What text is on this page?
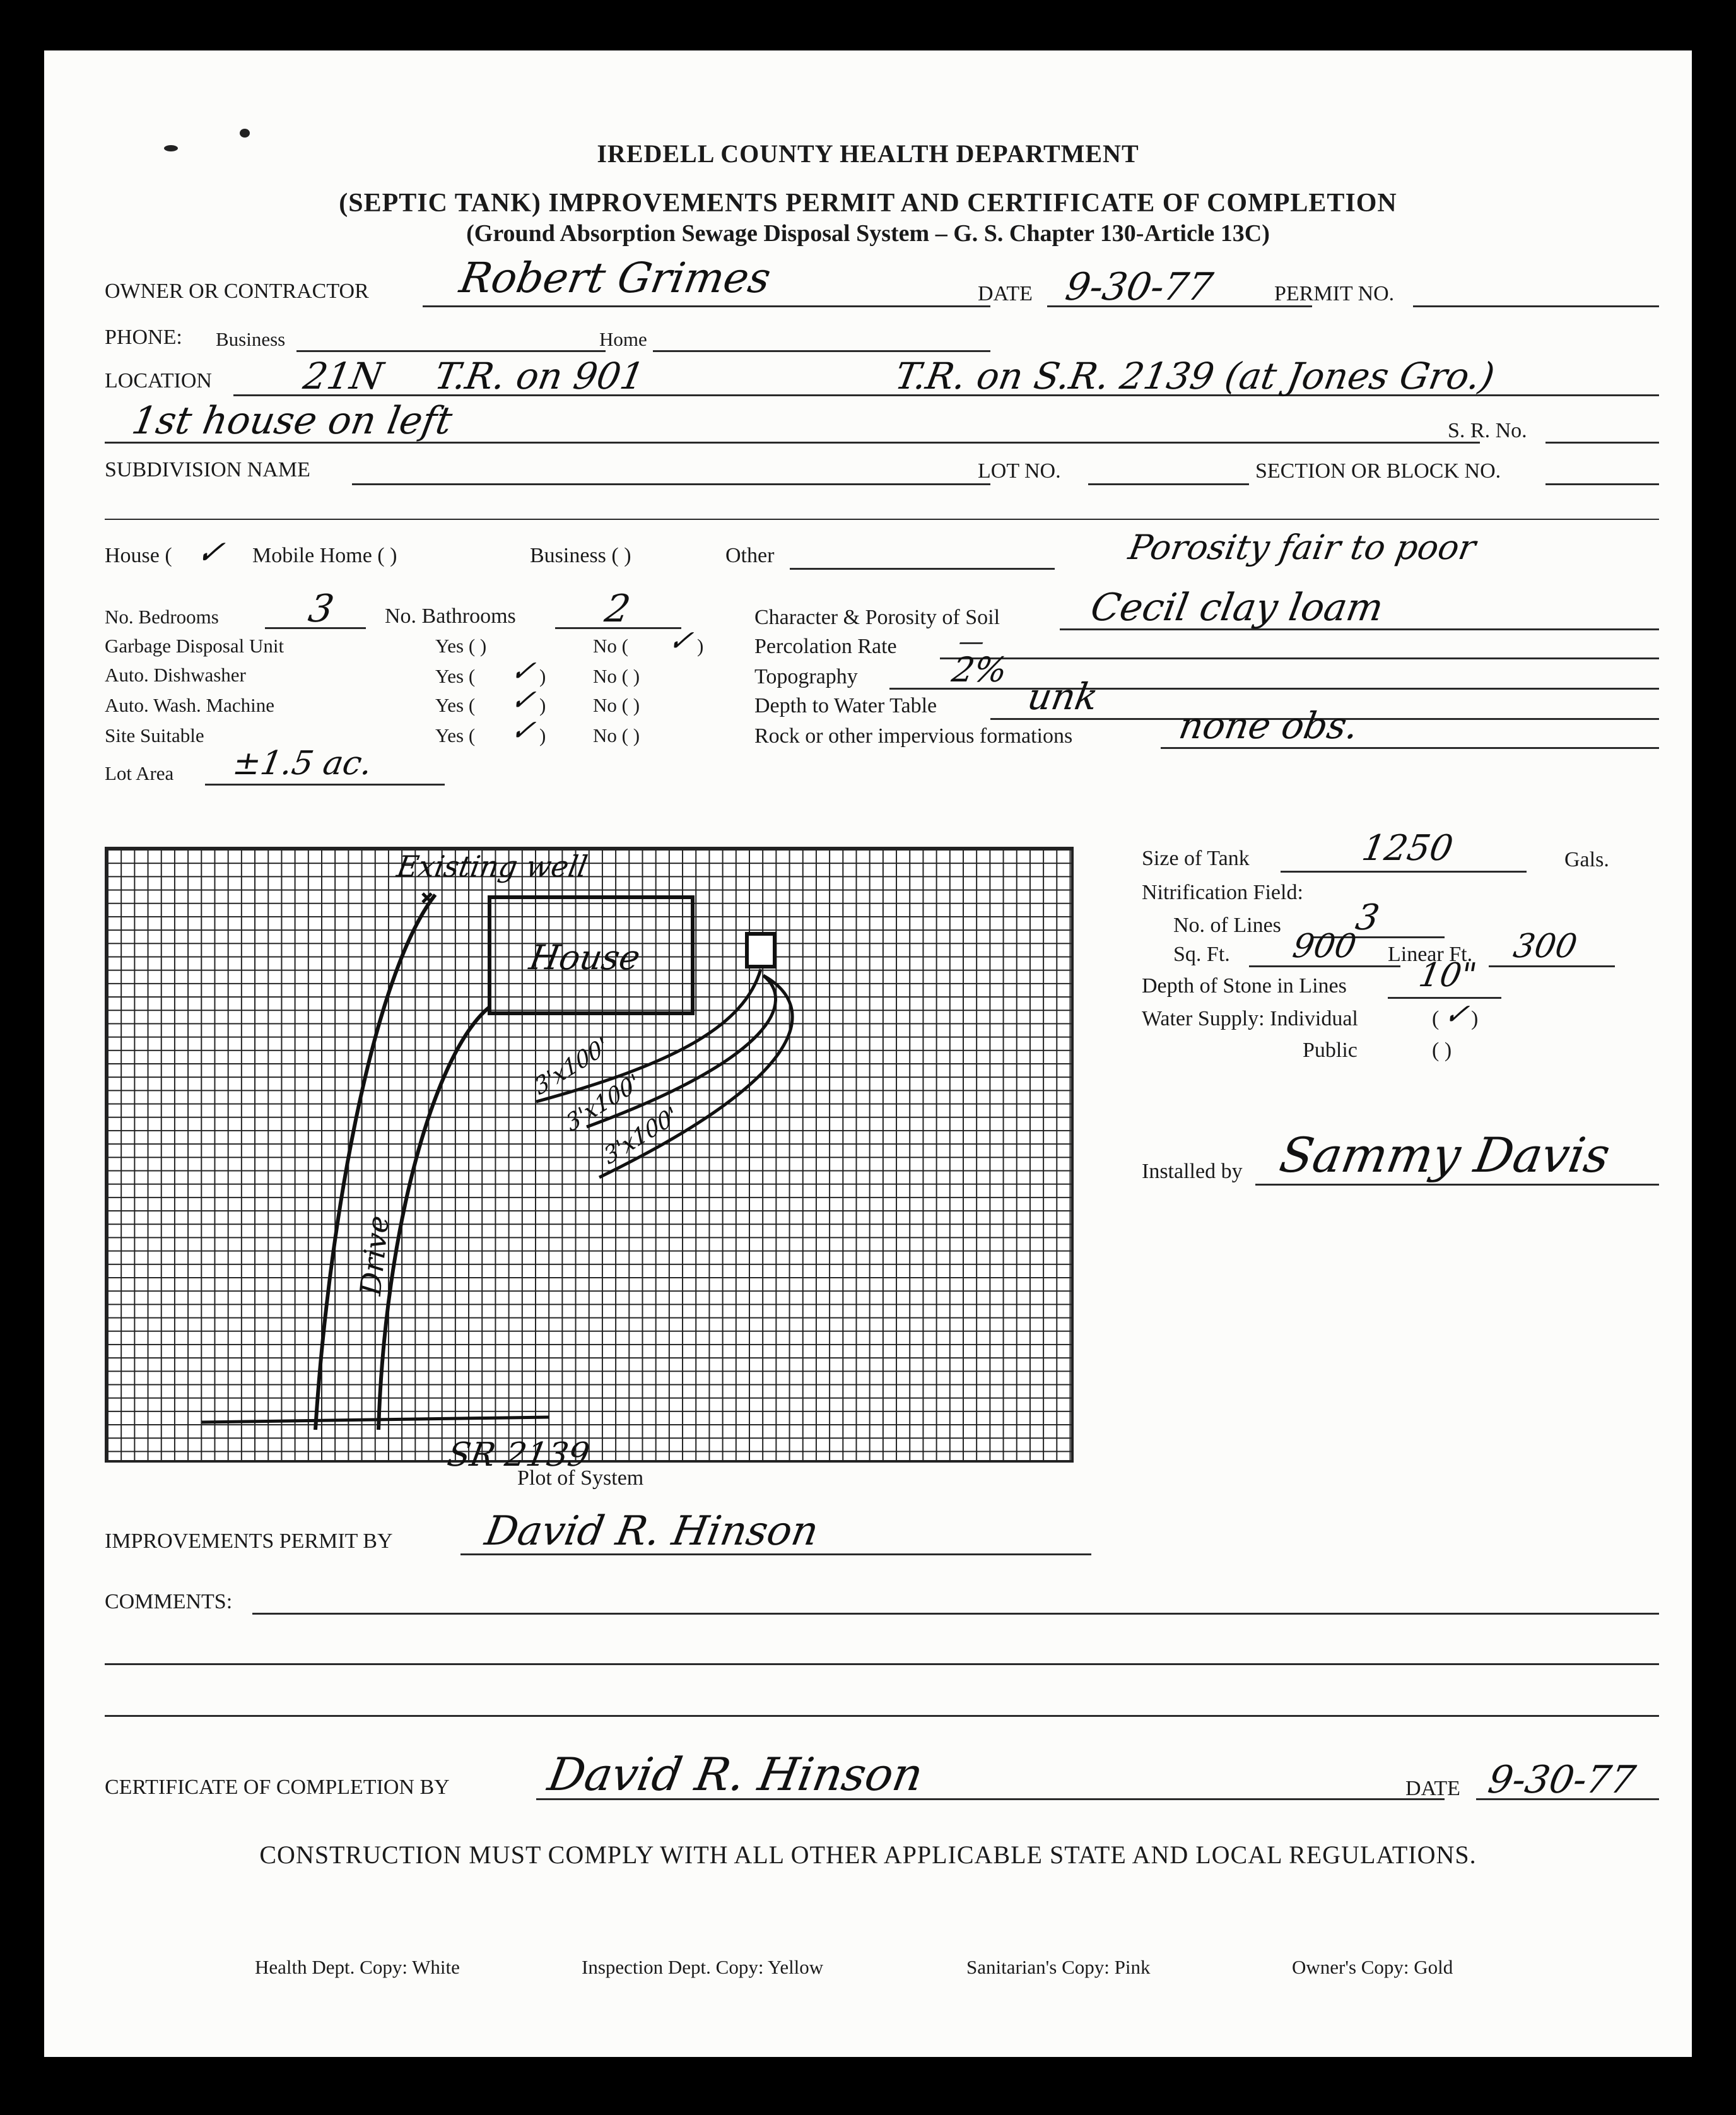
IREDELL COUNTY HEALTH DEPARTMENT
(SEPTIC TANK) IMPROVEMENTS PERMIT AND CERTIFICATE OF COMPLETION
(Ground Absorption Sewage Disposal System – G. S. Chapter 130-Article 13C)
OWNER OR CONTRACTOR Robert Grimes	DATE 9-30-77	PERMIT NO.
PHONE: Business	Home
LOCATION 21N T.R. on 901	T.R. on S.R. 2139 (at Jones Gro.)
1st house on left	S. R. No.
SUBDIVISION NAME	LOT NO.	SECTION OR BLOCK NO.
House ( ✓ Mobile Home ( )	Business ( )	Other	Porosity fair to poor
No. Bedrooms 3 No. Bathrooms 2
Garbage Disposal Unit	Yes ( )	No ( ✓ )
Auto. Dishwasher	Yes ( ✓ ) No ( )
Auto. Wash. Machine	Yes ( ✓ ) No ( )
Site Suitable	Yes ( ✓ ) No ( )
Lot Area ±1.5 ac.
Character & Porosity of Soil Cecil clay loam
Percolation Rate —
Topography	2%
Depth to Water Table unk
Rock or other impervious formations	none obs.
Existing well
House
3'x100'
3'x100'
3'x100'
Drive
SR 2139
Plot of System
Size of Tank	1250	Gals.
Nitrification Field:
No. of Lines 3
Sq. Ft. 900 Linear Ft. 300
Depth of Stone in Lines 10"
Water Supply: Individual	( ✓
)
Public	( )
Installed by Sammy Davis
IMPROVEMENTS PERMIT BY David R. Hinson
COMMENTS:
CERTIFICATE OF COMPLETION BY David R. Hinson	DATE 9-30-77
CONSTRUCTION MUST COMPLY WITH ALL OTHER APPLICABLE STATE AND LOCAL REGULATIONS.
Health Dept. Copy: White	Inspection Dept. Copy: Yellow	Sanitarian's Copy: Pink	Owner's Copy: Gold
